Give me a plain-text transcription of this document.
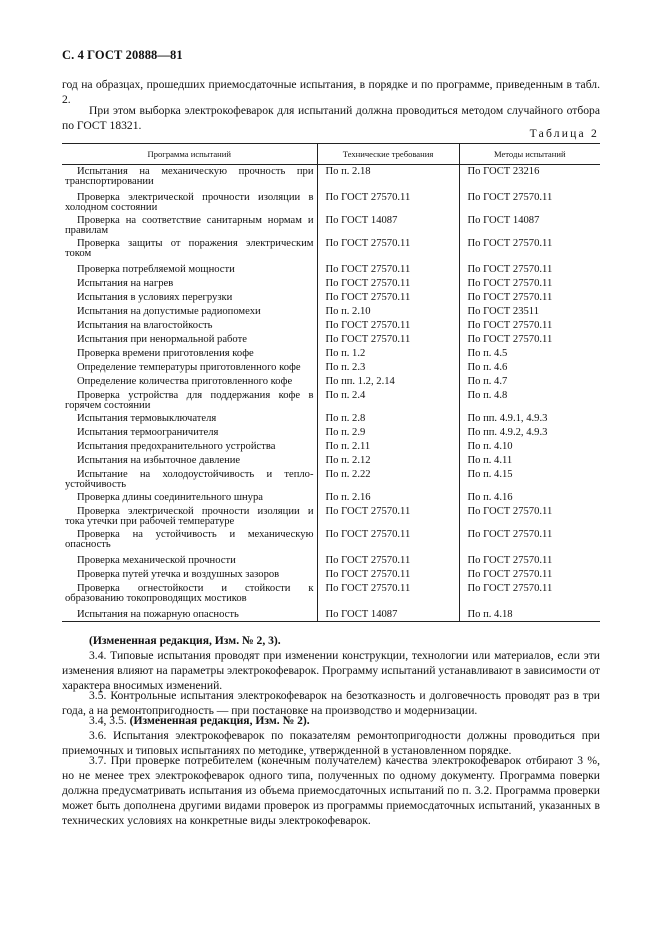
С. 4 ГОСТ 20888—81

год на образцах, прошедших приемосдаточные испытания, в порядке и по программе, приведенным в табл. 2.

При этом выборка электрокофеварок для испытаний должна проводиться методом случайного отбора по ГОСТ 18321.

Таблица 2
Программа испытаний	Технические требования	Методы испытаний

Испытания на механическую прочность при транспортировании	По п. 2.18	По ГОСТ 23216

Проверка электрической прочности изоляции в холодном состоянии	По ГОСТ 27570.11	По ГОСТ 27570.11

Проверка на соответствие санитарным нормам и правилам	По ГОСТ 14087	По ГОСТ 14087

Проверка защиты от поражения электрическим током	По ГОСТ 27570.11	По ГОСТ 27570.11

Проверка потребляемой мощности	По ГОСТ 27570.11	По ГОСТ 27570.11

Испытания на нагрев	По ГОСТ 27570.11	По ГОСТ 27570.11

Испытания в условиях перегрузки	По ГОСТ 27570.11	По ГОСТ 27570.11

Испытания на допустимые радиопомехи	По п. 2.10	По ГОСТ 23511

Испытания на влагостойкость	По ГОСТ 27570.11	По ГОСТ 27570.11

Испытания при ненормальной работе	По ГОСТ 27570.11	По ГОСТ 27570.11

Проверка времени приготовления кофе	По п. 1.2	По п. 4.5

Определение температуры приготовленного кофе	По п. 2.3	По п. 4.6

Определение количества приготовленного кофе	По пп. 1.2, 2.14	По п. 4.7

Проверка устройства для поддержания кофе в горячем состоянии	По п. 2.4	По п. 4.8

Испытания термовыключателя	По п. 2.8	По пп. 4.9.1, 4.9.3

Испытания термоограничителя	По п. 2.9	По пп. 4.9.2, 4.9.3

Испытания предохранительного устройства	По п. 2.11	По п. 4.10

Испытания на избыточное давление	По п. 2.12	По п. 4.11

Испытание на холодоустойчивость и тепло-устойчивость	По п. 2.22	По п. 4.15

Проверка длины соединительного шнура	По п. 2.16	По п. 4.16

Проверка электрической прочности изоляции и тока утечки при рабочей температуре	По ГОСТ 27570.11	По ГОСТ 27570.11

Проверка на устойчивость и механическую опасность	По ГОСТ 27570.11	По ГОСТ 27570.11

Проверка механической прочности	По ГОСТ 27570.11	По ГОСТ 27570.11

Проверка путей утечка и воздушных зазоров	По ГОСТ 27570.11	По ГОСТ 27570.11

Проверка огнестойкости и стойкости к образованию токопроводящих мостиков	По ГОСТ 27570.11	По ГОСТ 27570.11

Испытания на пожарную опасность	По ГОСТ 14087	По п. 4.18

(Измененная редакция, Изм. № 2, 3).

3.4. Типовые испытания проводят при изменении конструкции, технологии или материалов, если эти изменения влияют на параметры электрокофеварок. Программу испытаний устанавливают в зависимости от характера вносимых изменений.

3.5. Контрольные испытания электрокофеварок на безотказность и долговечность проводят раз в три года, а на ремонтопригодность — при постановке на производство и модернизации.

3.4, 3.5. (Измененная редакция, Изм. № 2).

3.6. Испытания электрокофеварок по показателям ремонтопригодности должны проводиться при приемочных и типовых испытаниях по методике, утвержденной в установленном порядке.

3.7. При проверке потребителем (конечным получателем) качества электрокофеварок отбирают 3 %, но не менее трех электрокофеварок одного типа, полученных по одному документу. Программа поверки должна предусматривать испытания из объема приемосдаточных испытаний по п. 3.2. Программа проверки может быть дополнена другими видами проверок из программы приемосдаточных испытаний, указанных в технических условиях на конкретные виды электрокофеварок.
